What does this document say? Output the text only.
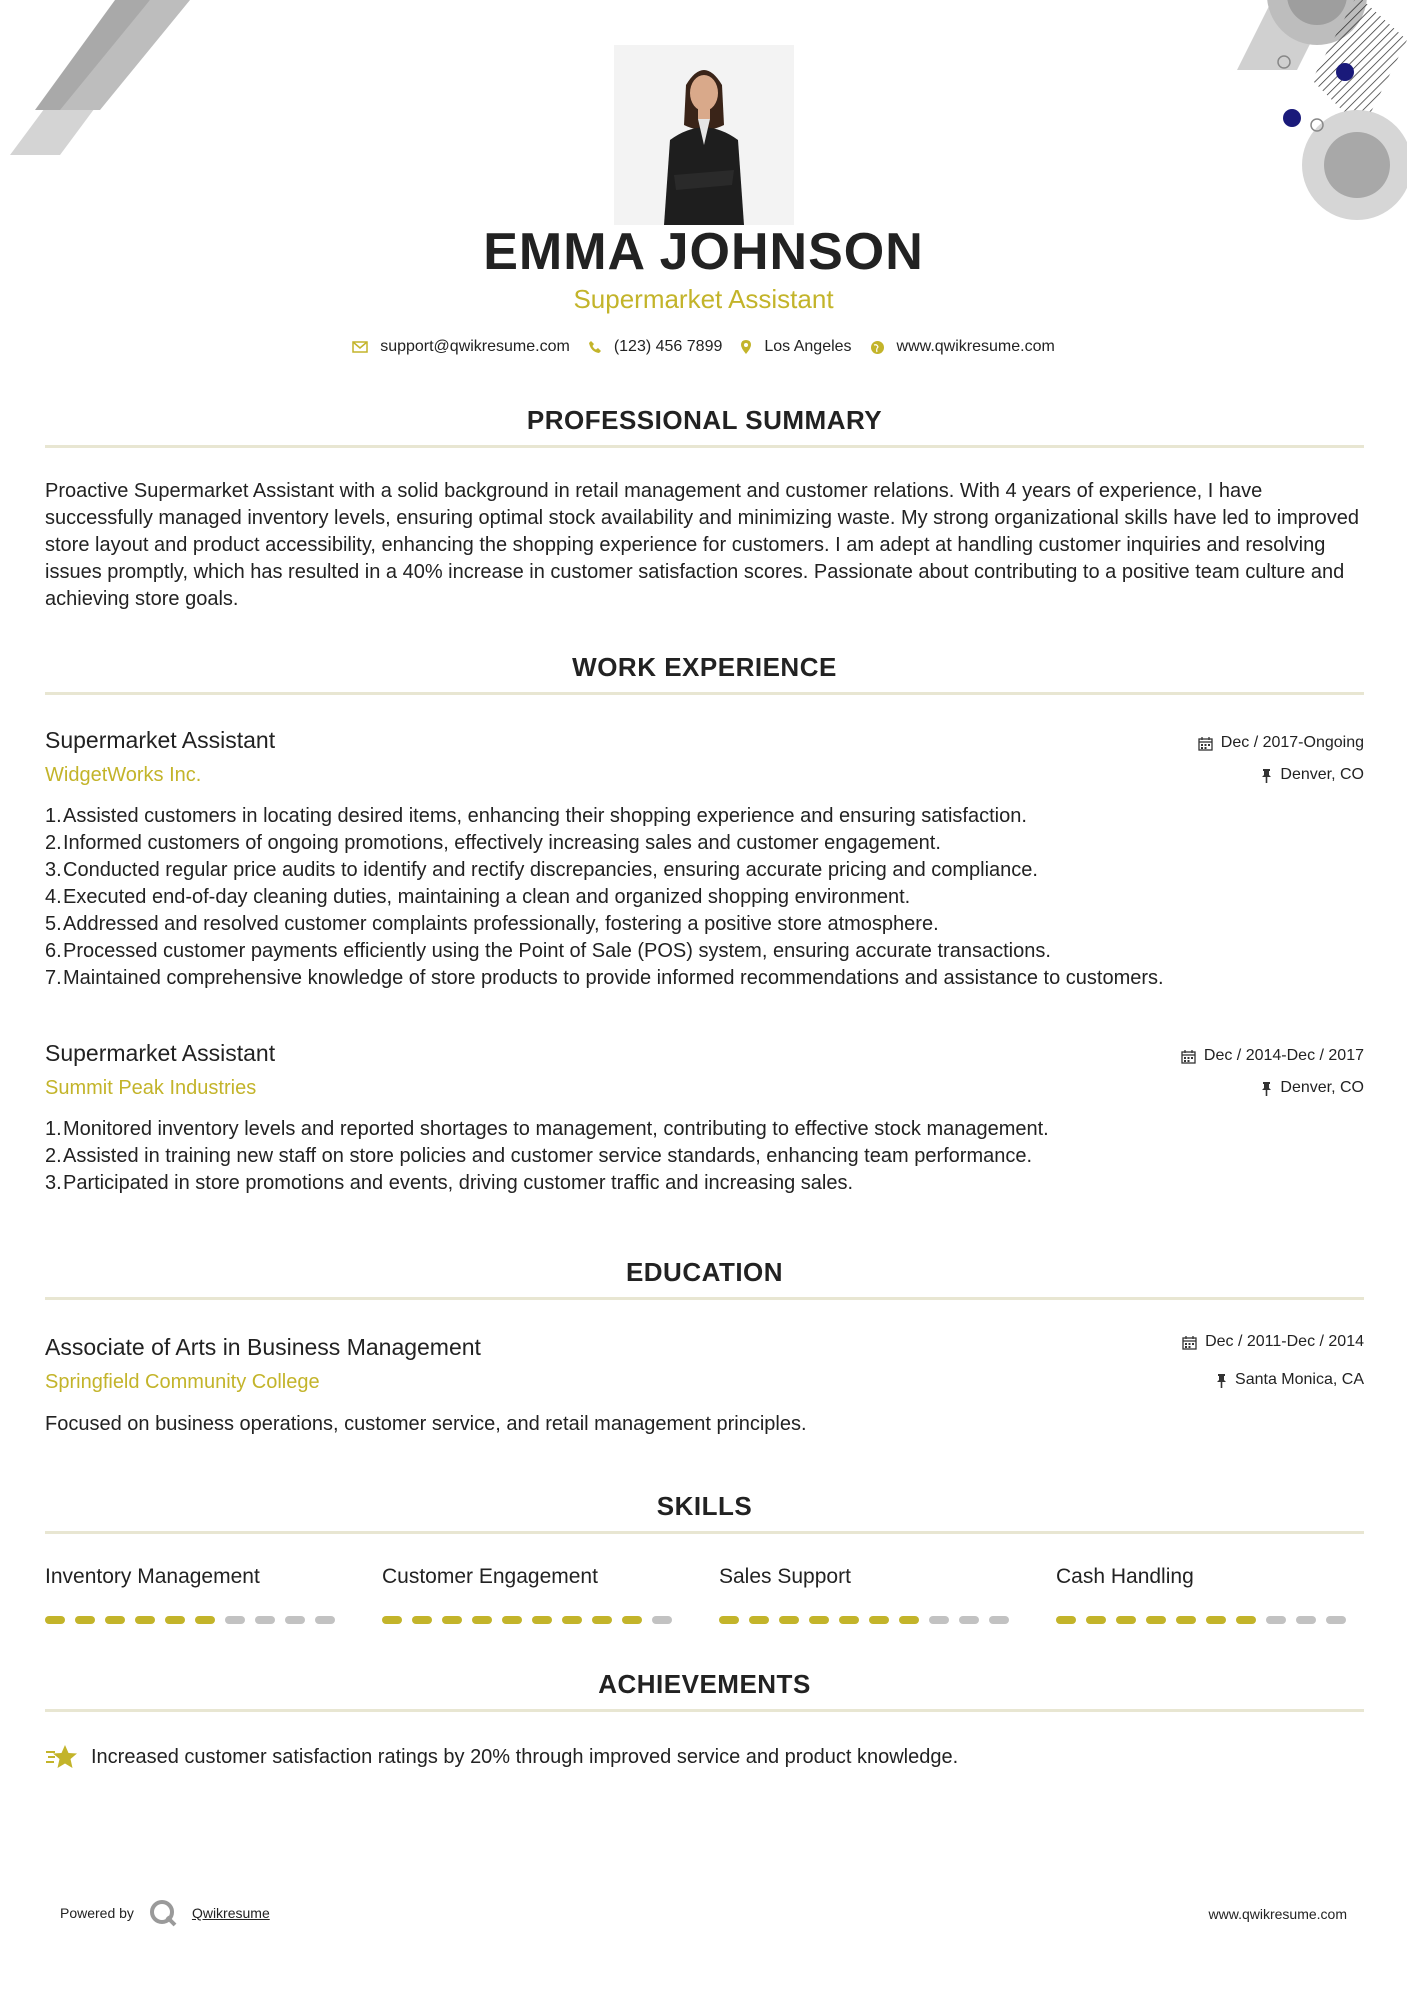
EMMA JOHNSON
Supermarket Assistant
support@qwikresume.com	(123) 456 7899	Los Angeles	www.qwikresume.com
PROFESSIONAL SUMMARY
Proactive Supermarket Assistant with a solid background in retail management and customer relations. With 4 years of experience, I have successfully managed inventory levels, ensuring optimal stock availability and minimizing waste. My strong organizational skills have led to improved store layout and product accessibility, enhancing the shopping experience for customers. I am adept at handling customer inquiries and resolving issues promptly, which has resulted in a 40% increase in customer satisfaction scores. Passionate about contributing to a positive team culture and achieving store goals.
WORK EXPERIENCE
Supermarket Assistant
WidgetWorks Inc.
Dec / 2017-Ongoing
Denver, CO
1.Assisted customers in locating desired items, enhancing their shopping experience and ensuring satisfaction.
2.Informed customers of ongoing promotions, effectively increasing sales and customer engagement.
3.Conducted regular price audits to identify and rectify discrepancies, ensuring accurate pricing and compliance.
4.Executed end-of-day cleaning duties, maintaining a clean and organized shopping environment.
5.Addressed and resolved customer complaints professionally, fostering a positive store atmosphere.
6.Processed customer payments efficiently using the Point of Sale (POS) system, ensuring accurate transactions.
7.Maintained comprehensive knowledge of store products to provide informed recommendations and assistance to customers.
Supermarket Assistant
Summit Peak Industries
Dec / 2014-Dec / 2017
Denver, CO
1.Monitored inventory levels and reported shortages to management, contributing to effective stock management.
2.Assisted in training new staff on store policies and customer service standards, enhancing team performance.
3.Participated in store promotions and events, driving customer traffic and increasing sales.
EDUCATION
Associate of Arts in Business Management
Springfield Community College
Dec / 2011-Dec / 2014
Santa Monica, CA
Focused on business operations, customer service, and retail management principles.
SKILLS
Inventory Management	Customer Engagement	Sales Support	Cash Handling
ACHIEVEMENTS
Increased customer satisfaction ratings by 20% through improved service and product knowledge.
Powered by	Qwikresume	www.qwikresume.com
